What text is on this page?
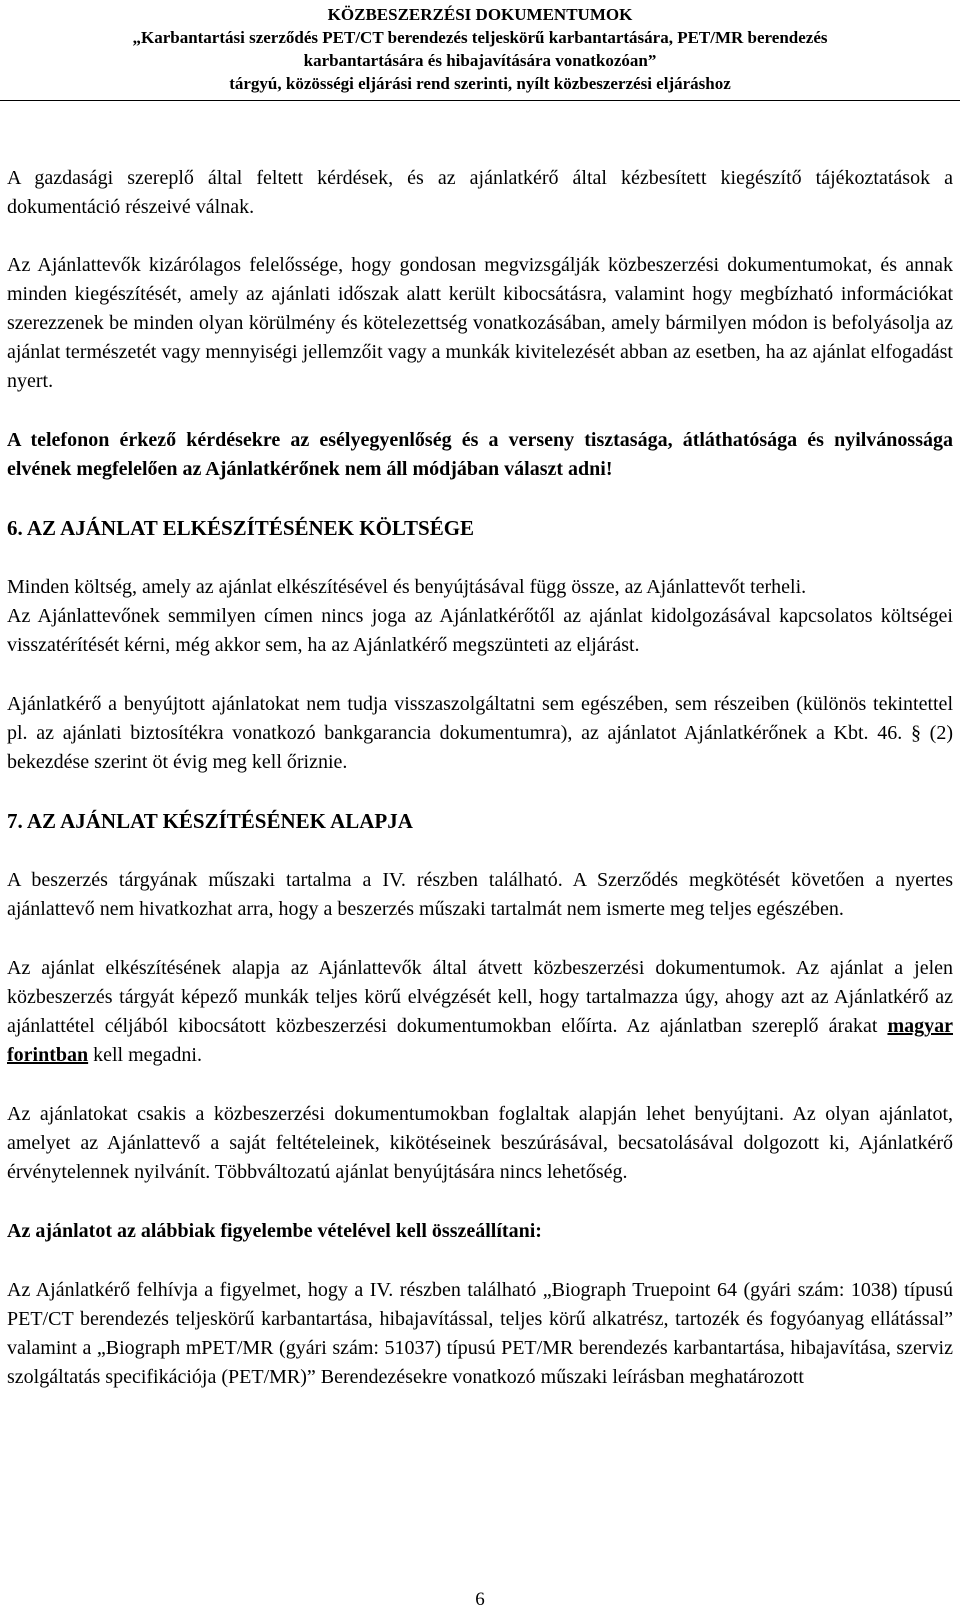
KÖZBESZERZÉSI DOKUMENTUMOK
„Karbantartási szerződés PET/CT berendezés teljeskörű karbantartására, PET/MR berendezés
karbantartására és hibajavítására vonatkozóan”
tárgyú, közösségi eljárási rend szerinti, nyílt közbeszerzési eljáráshoz

A gazdasági szereplő által feltett kérdések, és az ajánlatkérő által kézbesített kiegészítő tájékoztatások a dokumentáció részeivé válnak.

Az Ajánlattevők kizárólagos felelőssége, hogy gondosan megvizsgálják közbeszerzési dokumentumokat, és annak minden kiegészítését, amely az ajánlati időszak alatt került kibocsátásra, valamint hogy megbízható információkat szerezzenek be minden olyan körülmény és kötelezettség vonatkozásában, amely bármilyen módon is befolyásolja az ajánlat természetét vagy mennyiségi jellemzőit vagy a munkák kivitelezését abban az esetben, ha az ajánlat elfogadást nyert.

A telefonon érkező kérdésekre az esélyegyenlőség és a verseny tisztasága, átláthatósága és nyilvánossága elvének megfelelően az Ajánlatkérőnek nem áll módjában választ adni!

6. AZ AJÁNLAT ELKÉSZÍTÉSÉNEK KÖLTSÉGE

Minden költség, amely az ajánlat elkészítésével és benyújtásával függ össze, az Ajánlattevőt terheli.

Az Ajánlattevőnek semmilyen címen nincs joga az Ajánlatkérőtől az ajánlat kidolgozásával kapcsolatos költségei visszatérítését kérni, még akkor sem, ha az Ajánlatkérő megszünteti az eljárást.

Ajánlatkérő a benyújtott ajánlatokat nem tudja visszaszolgáltatni sem egészében, sem részeiben (különös tekintettel pl. az ajánlati biztosítékra vonatkozó bankgarancia dokumentumra), az ajánlatot Ajánlatkérőnek a Kbt. 46. § (2) bekezdése szerint öt évig meg kell őriznie.

7. AZ AJÁNLAT KÉSZÍTÉSÉNEK ALAPJA

A beszerzés tárgyának műszaki tartalma a IV. részben található. A Szerződés megkötését követően a nyertes ajánlattevő nem hivatkozhat arra, hogy a beszerzés műszaki tartalmát nem ismerte meg teljes egészében.

Az ajánlat elkészítésének alapja az Ajánlattevők által átvett közbeszerzési dokumentumok. Az ajánlat a jelen közbeszerzés tárgyát képező munkák teljes körű elvégzését kell, hogy tartalmazza úgy, ahogy azt az Ajánlatkérő az ajánlattétel céljából kibocsátott közbeszerzési dokumentumokban előírta. Az ajánlatban szereplő árakat magyar forintban kell megadni.

Az ajánlatokat csakis a közbeszerzési dokumentumokban foglaltak alapján lehet benyújtani. Az olyan ajánlatot, amelyet az Ajánlattevő a saját feltételeinek, kikötéseinek beszúrásával, becsatolásával dolgozott ki, Ajánlatkérő érvénytelennek nyilvánít. Többváltozatú ajánlat benyújtására nincs lehetőség.

Az ajánlatot az alábbiak figyelembe vételével kell összeállítani:

Az Ajánlatkérő felhívja a figyelmet, hogy a IV. részben található „Biograph Truepoint 64 (gyári szám: 1038) típusú PET/CT berendezés teljeskörű karbantartása, hibajavítással, teljes körű alkatrész, tartozék és fogyóanyag ellátással” valamint a „Biograph mPET/MR (gyári szám: 51037) típusú PET/MR berendezés karbantartása, hibajavítása, szerviz szolgáltatás specifikációja (PET/MR)” Berendezésekre vonatkozó műszaki leírásban meghatározott

6
